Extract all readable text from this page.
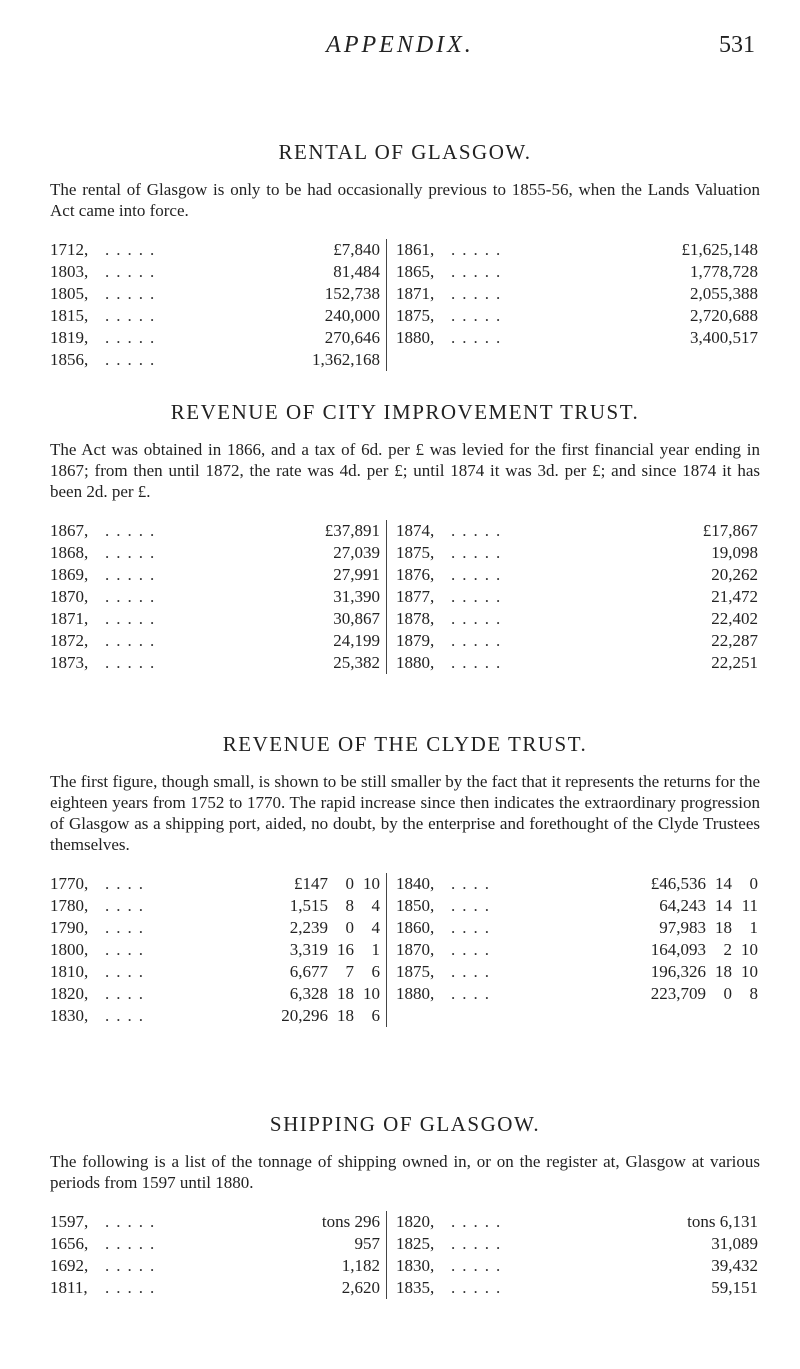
APPENDIX.	531
RENTAL OF GLASGOW.
The rental of Glasgow is only to be had occasionally previous to 1855-56, when the Lands Valuation Act came into force.
1712, .....	£7,840
1803, .....	81,484
1805, .....	152,738
1815, .....	240,000
1819, .....	270,646
1856, .....	1,362,168
1861, .....	£1,625,148
1865, .....	1,778,728
1871, .....	2,055,388
1875, .....	2,720,688
1880, .....	3,400,517
REVENUE OF CITY IMPROVEMENT TRUST.
The Act was obtained in 1866, and a tax of 6d. per £ was levied for the first financial year ending in 1867; from then until 1872, the rate was 4d. per £; until 1874 it was 3d. per £; and since 1874 it has been 2d. per £.
1867, .....	£37,891
1868, .....	27,039
1869, .....	27,991
1870, .....	31,390
1871, .....	30,867
1872, .....	24,199
1873, .....	25,382
1874, .....	£17,867
1875, .....	19,098
1876, .....	20,262
1877, .....	21,472
1878, .....	22,402
1879, .....	22,287
1880, .....	22,251
REVENUE OF THE CLYDE TRUST.
The first figure, though small, is shown to be still smaller by the fact that it represents the returns for the eighteen years from 1752 to 1770. The rapid increase since then indicates the extraordinary progression of Glasgow as a shipping port, aided, no doubt, by the enterprise and forethought of the Clyde Trustees themselves.
1770, ....	£147 0 10
1780, ....	1,515 8 4
1790, ....	2,239 0 4
1800, ....	3,319 16 1
1810, ....	6,677 7 6
1820, ....	6,328 18 10
1830, ....	20,296 18 6
1840, ....	£46,536 14 0
1850, ....	64,243 14 11
1860, ....	97,983 18 1
1870, ....	164,093 2 10
1875, ....	196,326 18 10
1880, ....	223,709 0 8
SHIPPING OF GLASGOW.
The following is a list of the tonnage of shipping owned in, or on the register at, Glasgow at various periods from 1597 until 1880.
1597, .....	tons 296
1656, .....	957
1692, .....	1,182
1811, .....	2,620
1820, .....	tons 6,131
1825, .....	31,089
1830, .....	39,432
1835, .....	59,151
